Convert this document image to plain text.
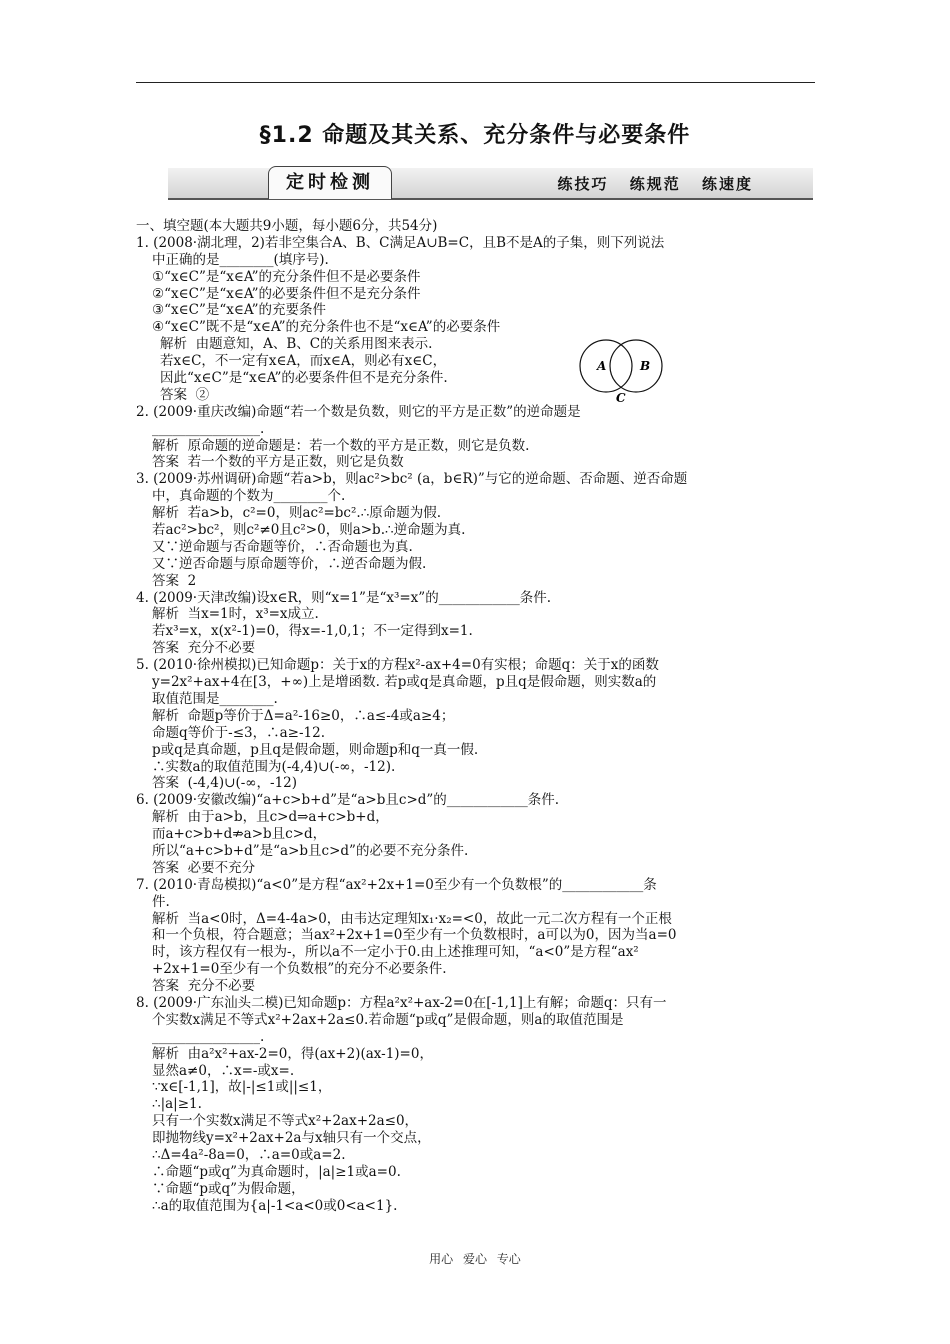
§1.2 命题及其关系、充分条件与必要条件
定时检测	练技巧 练规范 练速度
一、填空题(本大题共9小题，每小题6分，共54分)
1. (2008·湖北理，2)若非空集合A、B、C满足A∪B=C，且B不是A的子集，则下列说法
中正确的是________(填序号).
①“x∈C”是“x∈A”的充分条件但不是必要条件
②“x∈C”是“x∈A”的必要条件但不是充分条件
③“x∈C”是“x∈A”的充要条件
④“x∈C”既不是“x∈A”的充分条件也不是“x∈A”的必要条件
解析  由题意知，A、B、C的关系用图来表示.
若x∈C，不一定有x∈A，而x∈A，则必有x∈C，
因此“x∈C”是“x∈A”的必要条件但不是充分条件.
答案  ②
2. (2009·重庆改编)命题“若一个数是负数，则它的平方是正数”的逆命题是
________________.
解析  原命题的逆命题是：若一个数的平方是正数，则它是负数.
答案  若一个数的平方是正数，则它是负数
3. (2009·苏州调研)命题“若a>b，则ac²>bc² (a，b∈R)”与它的逆命题、否命题、逆否命题
中，真命题的个数为________个.
解析  若a>b，c²=0，则ac²=bc².∴原命题为假.
若ac²>bc²，则c²≠0且c²>0，则a>b.∴逆命题为真.
又∵逆命题与否命题等价，∴否命题也为真.
又∵逆否命题与原命题等价，∴逆否命题为假.
答案  2
4. (2009·天津改编)设x∈R，则“x=1”是“x³=x”的____________条件.
解析  当x=1时，x³=x成立.
若x³=x，x(x²-1)=0，得x=-1,0,1；不一定得到x=1.
答案  充分不必要
5. (2010·徐州模拟)已知命题p：关于x的方程x²-ax+4=0有实根；命题q：关于x的函数
y=2x²+ax+4在[3，+∞)上是增函数. 若p或q是真命题，p且q是假命题，则实数a的
取值范围是________.
解析  命题p等价于Δ=a²-16≥0，∴a≤-4或a≥4；
命题q等价于-≤3，∴a≥-12.
p或q是真命题，p且q是假命题，则命题p和q一真一假.
∴实数a的取值范围为(-4,4)∪(-∞，-12).
答案  (-4,4)∪(-∞，-12)
6. (2009·安徽改编)“a+c>b+d”是“a>b且c>d”的____________条件.
解析  由于a>b，且c>d⇒a+c>b+d，
而a+c>b+d⇏a>b且c>d，
所以“a+c>b+d”是“a>b且c>d”的必要不充分条件.
答案  必要不充分
7. (2010·青岛模拟)“a<0”是方程“ax²+2x+1=0至少有一个负数根”的____________条
件.
解析  当a<0时，Δ=4-4a>0，由韦达定理知x₁·x₂=<0，故此一元二次方程有一个正根
和一个负根，符合题意；当ax²+2x+1=0至少有一个负数根时，a可以为0，因为当a=0
时，该方程仅有一根为-，所以a不一定小于0.由上述推理可知，“a<0”是方程“ax²
+2x+1=0至少有一个负数根”的充分不必要条件.
答案  充分不必要
8. (2009·广东汕头二模)已知命题p：方程a²x²+ax-2=0在[-1,1]上有解；命题q：只有一
个实数x满足不等式x²+2ax+2a≤0.若命题“p或q”是假命题，则a的取值范围是
________________.
解析  由a²x²+ax-2=0，得(ax+2)(ax-1)=0，
显然a≠0，∴x=-或x=.
∵x∈[-1,1]，故|-|≤1或||≤1，
∴|a|≥1.
只有一个实数x满足不等式x²+2ax+2a≤0，
即抛物线y=x²+2ax+2a与x轴只有一个交点，
∴Δ=4a²-8a=0，∴a=0或a=2.
∴命题“p或q”为真命题时，|a|≥1或a=0.
∵命题“p或q”为假命题，
∴a的取值范围为{a|-1<a<0或0<a<1}.
A	B
C
用心 爱心 专心
